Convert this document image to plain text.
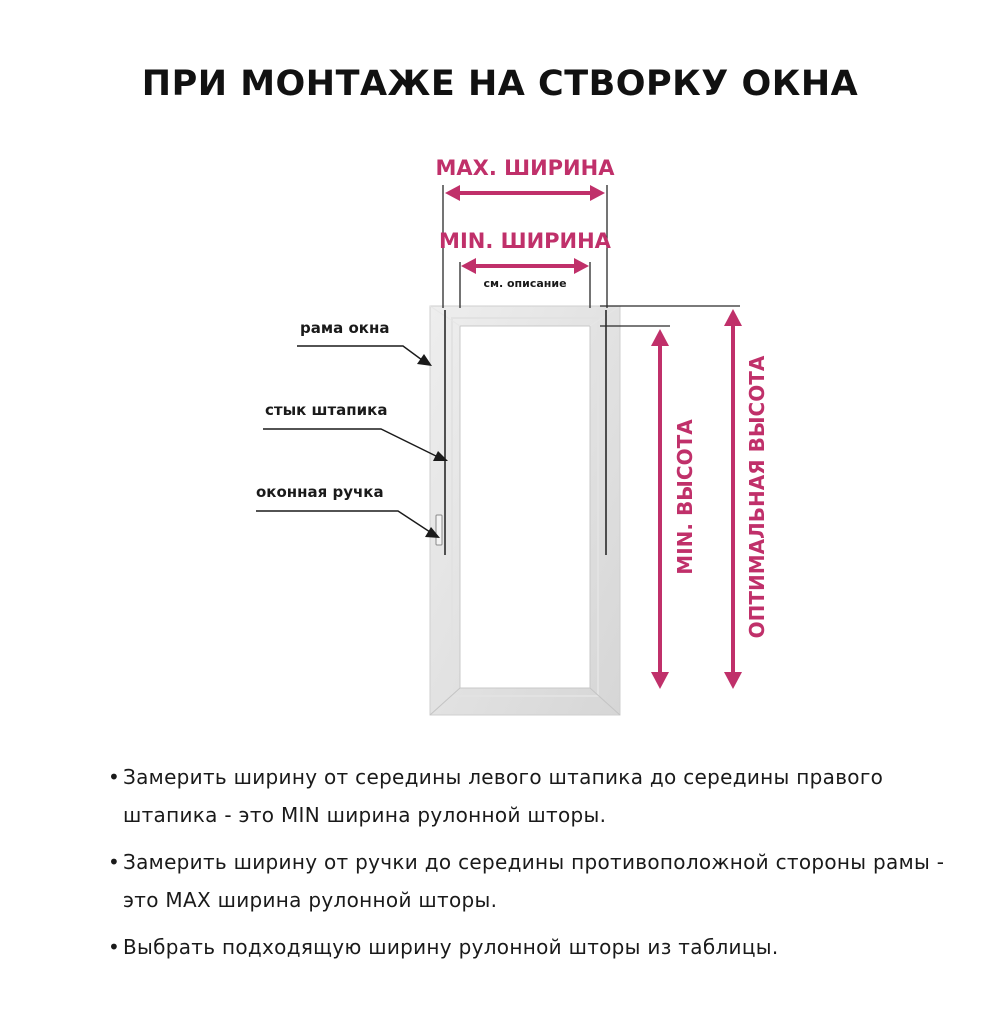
ПРИ МОНТАЖЕ НА СТВОРКУ ОКНА
MAX. ШИРИНА
MIN. ШИРИНА
см. описание
MIN. ВЫСОТА ОПТИМАЛЬНАЯ ВЫСОТА
рама окна
стык штапика
оконная ручка
• Замерить ширину от середины левого штапика до середины правого штапика - это MIN ширина рулонной шторы.
• Замерить ширину от ручки до середины противоположной стороны рамы - это MAX ширина рулонной шторы.
• Выбрать подходящую ширину рулонной шторы из таблицы.
